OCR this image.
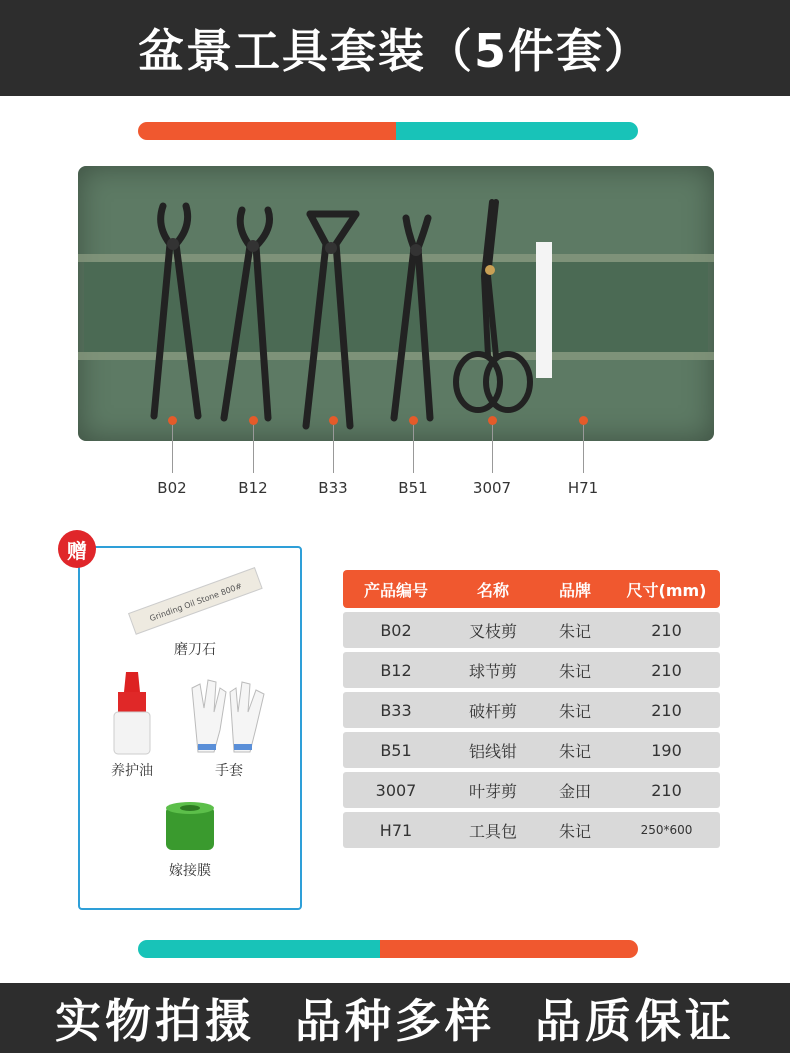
盆景工具套装（5件套）
B02	B12	B33	B51	3007	H71
赠
Grinding Oil Stone 800#
磨刀石
养护油	手套
嫁接膜
产品编号	名称	品牌	尺寸(mm)
B02	叉枝剪	朱记	210
B12	球节剪	朱记	210
B33	破杆剪	朱记	210
B51	铝线钳	朱记	190
3007	叶芽剪	金田	210
H71	工具包	朱记	250*600
实物拍摄  品种多样  品质保证
